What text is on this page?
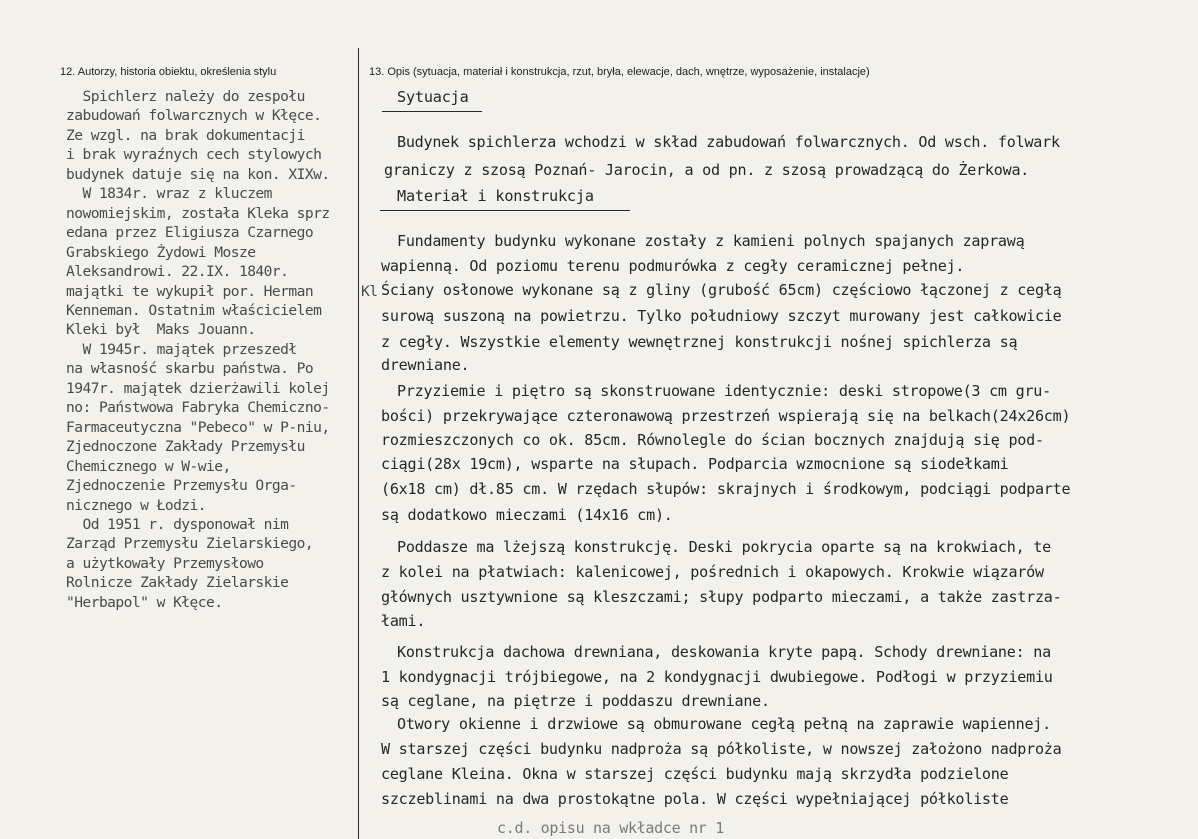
12. Autorzy, historia obiektu, określenia stylu	13. Opis (sytuacja, materiał i konstrukcja, rzut, bryła, elewacje, dach, wnętrze, wyposażenie, instalacje)
Spichlerz należy do zespołu
zabudowań folwarcznych w Kłęce.
Ze wzgl. na brak dokumentacji
i brak wyraźnych cech stylowych
budynek datuje się na kon. XIXw.
W 1834r. wraz z kluczem
nowomiejskim, została Kleka sprz
edana przez Eligiusza Czarnego
Grabskiego Żydowi Mosze
Aleksandrowi. 22.IX. 1840r.
majątki te wykupił por. Herman
Kenneman. Ostatnim właścicielem
Kleki był  Maks Jouann.
W 1945r. majątek przeszedł
na własność skarbu państwa. Po
1947r. majątek dzierżawili kolej
no: Państwowa Fabryka Chemiczno-
Farmaceutyczna "Pebeco" w P-niu,
Zjednoczone Zakłady Przemysłu
Chemicznego w W-wie,
Zjednoczenie Przemysłu Orga-
nicznego w Łodzi.
Od 1951 r. dysponował nim
Zarząd Przemysłu Zielarskiego,
a użytkowały Przemysłowo
Rolnicze Zakłady Zielarskie
"Herbapol" w Kłęce.
Kl
Sytuacja
Budynek spichlerza wchodzi w skład zabudowań folwarcznych. Od wsch. folwark
graniczy z szosą Poznań- Jarocin, a od pn. z szosą prowadzącą do Żerkowa.
Materiał i konstrukcja
Fundamenty budynku wykonane zostały z kamieni polnych spajanych zaprawą
wapienną. Od poziomu terenu podmurówka z cegły ceramicznej pełnej.
Ściany osłonowe wykonane są z gliny (grubość 65cm) częściowo łączonej z cegłą
surową suszoną na powietrzu. Tylko południowy szczyt murowany jest całkowicie
z cegły. Wszystkie elementy wewnętrznej konstrukcji nośnej spichlerza są
drewniane.
Przyziemie i piętro są skonstruowane identycznie: deski stropowe(3 cm gru-
bości) przekrywające czteronawową przestrzeń wspierają się na belkach(24x26cm)
rozmieszczonych co ok. 85cm. Równolegle do ścian bocznych znajdują się pod-
ciągi(28x 19cm), wsparte na słupach. Podparcia wzmocnione są siodełkami
(6x18 cm) dł.85 cm. W rzędach słupów: skrajnych i środkowym, podciągi podparte
są dodatkowo mieczami (14x16 cm).
Poddasze ma lżejszą konstrukcję. Deski pokrycia oparte są na krokwiach, te
z kolei na płatwiach: kalenicowej, pośrednich i okapowych. Krokwie wiązarów
głównych usztywnione są kleszczami; słupy podparto mieczami, a także zastrza-
łami.
Konstrukcja dachowa drewniana, deskowania kryte papą. Schody drewniane: na
1 kondygnacji trójbiegowe, na 2 kondygnacji dwubiegowe. Podłogi w przyziemiu
są ceglane, na piętrze i poddaszu drewniane.
Otwory okienne i drzwiowe są obmurowane cegłą pełną na zaprawie wapiennej.
W starszej części budynku nadproża są półkoliste, w nowszej założono nadproża
ceglane Kleina. Okna w starszej części budynku mają skrzydła podzielone
szczeblinami na dwa prostokątne pola. W części wypełniającej półkoliste
c.d. opisu na wkładce nr 1
